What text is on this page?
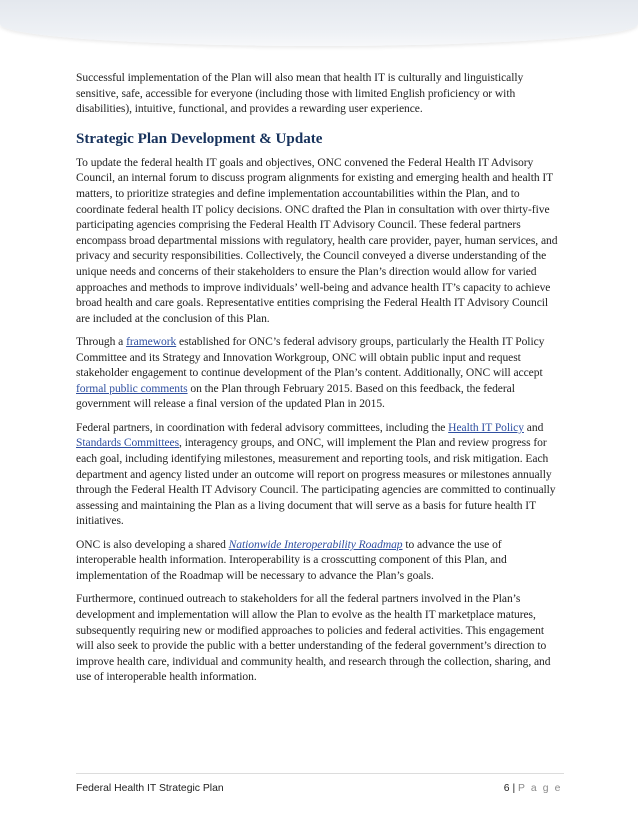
Successful implementation of the Plan will also mean that health IT is culturally and linguistically sensitive, safe, accessible for everyone (including those with limited English proficiency or with disabilities), intuitive, functional, and provides a rewarding user experience.

Strategic Plan Development & Update

To update the federal health IT goals and objectives, ONC convened the Federal Health IT Advisory Council, an internal forum to discuss program alignments for existing and emerging health and health IT matters, to prioritize strategies and define implementation accountabilities within the Plan, and to coordinate federal health IT policy decisions. ONC drafted the Plan in consultation with over thirty-five participating agencies comprising the Federal Health IT Advisory Council. These federal partners encompass broad departmental missions with regulatory, health care provider, payer, human services, and privacy and security responsibilities. Collectively, the Council conveyed a diverse understanding of the unique needs and concerns of their stakeholders to ensure the Plan’s direction would allow for varied approaches and methods to improve individuals’ well-being and advance health IT’s capacity to achieve broad health and care goals. Representative entities comprising the Federal Health IT Advisory Council are included at the conclusion of this Plan.

Through a framework established for ONC’s federal advisory groups, particularly the Health IT Policy Committee and its Strategy and Innovation Workgroup, ONC will obtain public input and request stakeholder engagement to continue development of the Plan’s content. Additionally, ONC will accept formal public comments on the Plan through February 2015. Based on this feedback, the federal government will release a final version of the updated Plan in 2015.

Federal partners, in coordination with federal advisory committees, including the Health IT Policy and Standards Committees, interagency groups, and ONC, will implement the Plan and review progress for each goal, including identifying milestones, measurement and reporting tools, and risk mitigation. Each department and agency listed under an outcome will report on progress measures or milestones annually through the Federal Health IT Advisory Council. The participating agencies are committed to continually assessing and maintaining the Plan as a living document that will serve as a basis for future health IT initiatives.

ONC is also developing a shared Nationwide Interoperability Roadmap to advance the use of interoperable health information. Interoperability is a crosscutting component of this Plan, and implementation of the Roadmap will be necessary to advance the Plan’s goals.

Furthermore, continued outreach to stakeholders for all the federal partners involved in the Plan’s development and implementation will allow the Plan to evolve as the health IT marketplace matures, subsequently requiring new or modified approaches to policies and federal activities. This engagement will also seek to provide the public with a better understanding of the federal government’s direction to improve health care, individual and community health, and research through the collection, sharing, and use of interoperable health information.

Federal Health IT Strategic Plan	6 | P a g e
